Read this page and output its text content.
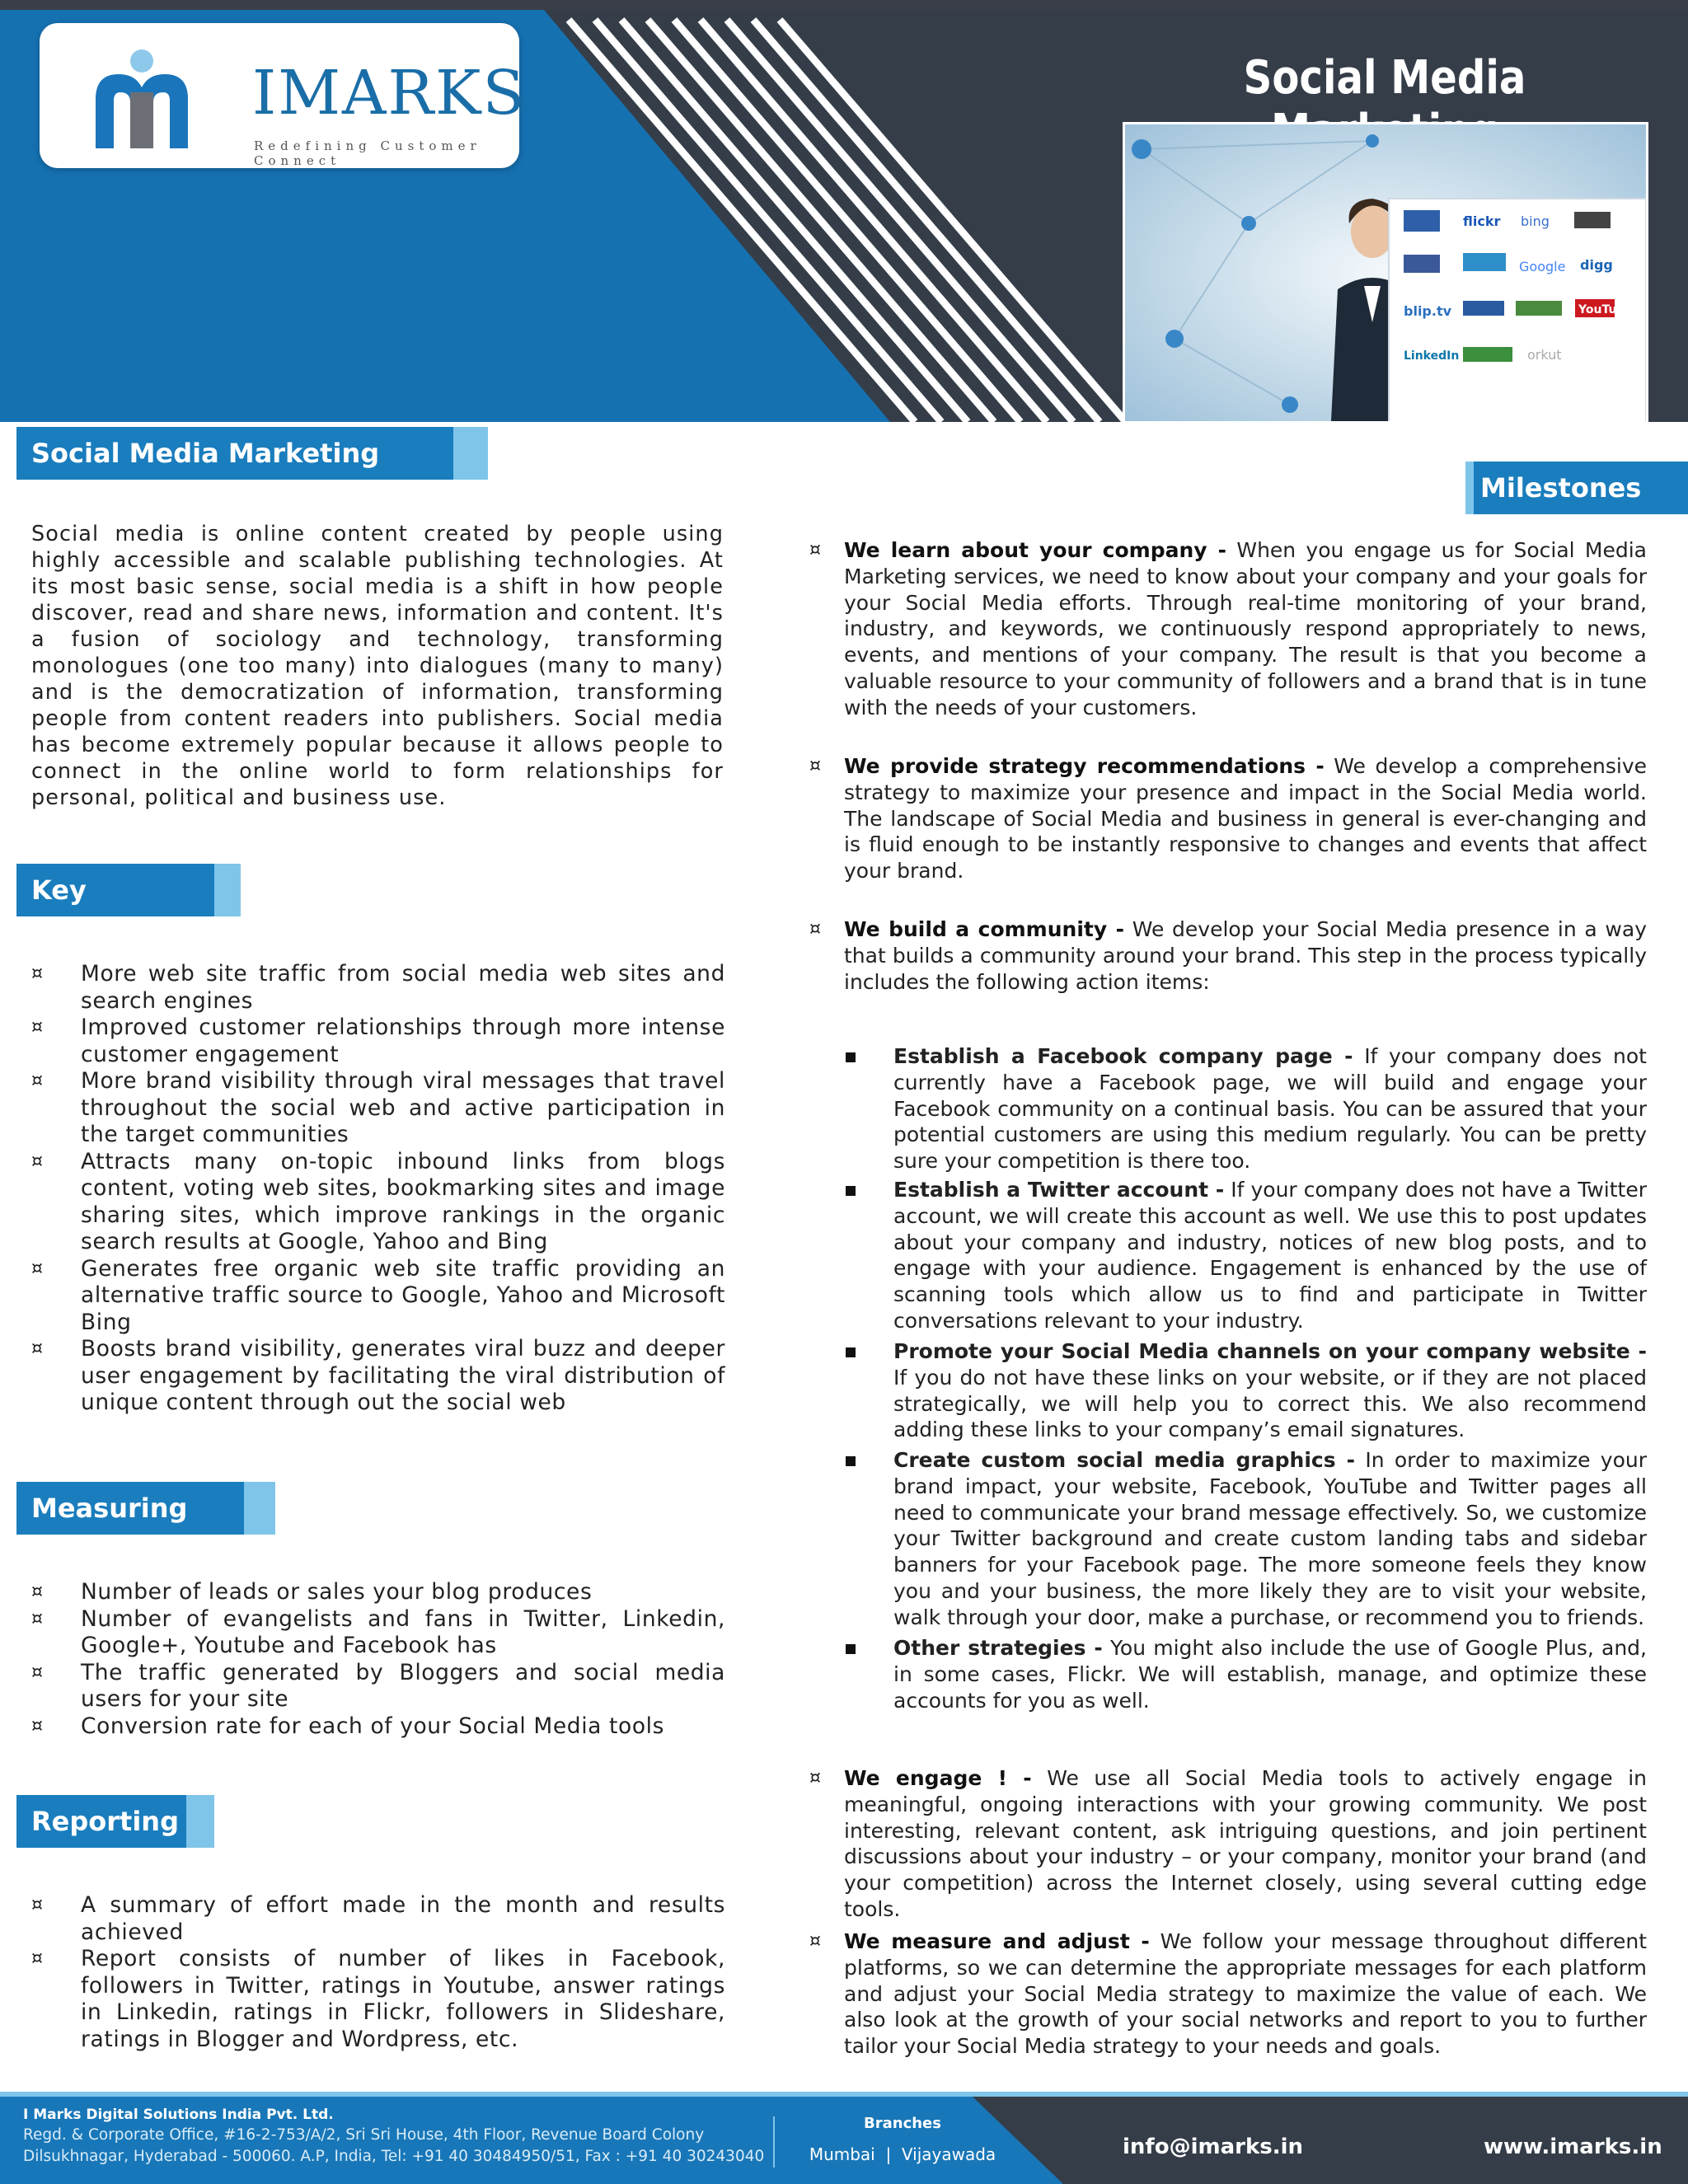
IMARKS
Redefining Customer Connect
Social Media
flickr bing
Google digg
blip.tv	YouTube
LinkedIn	orkut
Social Media Marketing (SMM)
Social media is online content created by people using highly accessible and scalable publishing technologies. At its most basic sense, social media is a shift in how people discover, read and share news, information and content. It's a fusion of sociology and technology, transforming monologues (one too many) into dialogues (many to many) and is the democratization of information, transforming people from content readers into publishers. Social media has become extremely popular because it allows people to connect in the online world to form relationships for personal, political and business use.
Key Benefits
¤ More web site traffic from social media web sites and search engines
¤ Improved customer relationships through more intense customer engagement
¤ More brand visibility through viral messages that travel throughout the social web and active participation in the target communities
¤ Attracts many on-topic inbound links from blogs content, voting web sites, bookmarking sites and image sharing sites, which improve rankings in the organic search results at Google, Yahoo and Bing
¤ Generates free organic web site traffic providing an alternative traffic source to Google, Yahoo and Microsoft Bing
¤ Boosts brand visibility, generates viral buzz and deeper user engagement by facilitating the viral distribution of unique content through out the social web
Measuring ROI
¤ Number of leads or sales your blog produces
¤ Number of evangelists and fans in Twitter, Linkedin, Google+, Youtube and Facebook has
¤ The traffic generated by Bloggers and social media users for your site
¤ Conversion rate for each of your Social Media tools
Reporting
¤ A summary of effort made in the month and results achieved
¤ Report consists of number of likes in Facebook, followers in Twitter, ratings in Youtube, answer ratings in Linkedin, ratings in Flickr, followers in Slideshare, ratings in Blogger and Wordpress, etc.
Milestones
¤ We learn about your company - When you engage us for Social Media Marketing services, we need to know about your company and your goals for your Social Media efforts. Through real-time monitoring of your brand, industry, and keywords, we continuously respond appropriately to news, events, and mentions of your company. The result is that you become a valuable resource to your community of followers and a brand that is in tune with the needs of your customers.
¤ We provide strategy recommendations - We develop a comprehensive strategy to maximize your presence and impact in the Social Media world. The landscape of Social Media and business in general is ever-changing and is fluid enough to be instantly responsive to changes and events that affect your brand.
¤ We build a community - We develop your Social Media presence in a way that builds a community around your brand. This step in the process typically includes the following action items:
Establish a Facebook company page - If your company does not currently have a Facebook page, we will build and engage your Facebook community on a continual basis. You can be assured that your potential customers are using this medium regularly. You can be pretty sure your competition is there too.
Establish a Twitter account - If your company does not have a Twitter account, we will create this account as well. We use this to post updates about your company and industry, notices of new blog posts, and to engage with your audience. Engagement is enhanced by the use of scanning tools which allow us to find and participate in Twitter conversations relevant to your industry.
Promote your Social Media channels on your company website - If you do not have these links on your website, or if they are not placed strategically, we will help you to correct this. We also recommend adding these links to your company’s email signatures.
Create custom social media graphics - In order to maximize your brand impact, your website, Facebook, YouTube and Twitter pages all need to communicate your brand message effectively. So, we customize your Twitter background and create custom landing tabs and sidebar banners for your Facebook page. The more someone feels they know you and your business, the more likely they are to visit your website, walk through your door, make a purchase, or recommend you to friends.
Other strategies - You might also include the use of Google Plus, and, in some cases, Flickr. We will establish, manage, and optimize these accounts for you as well.
¤ We engage ! - We use all Social Media tools to actively engage in meaningful, ongoing interactions with your growing community. We post interesting, relevant content, ask intriguing questions, and join pertinent discussions about your industry – or your company, monitor your brand (and your competition) across the Internet closely, using several cutting edge tools.
¤ We measure and adjust - We follow your message throughout different platforms, so we can determine the appropriate messages for each platform and adjust your Social Media strategy to maximize the value of each. We also look at the growth of your social networks and report to you to further tailor your Social Media strategy to your needs and goals.
I Marks Digital Solutions India Pvt. Ltd.
Regd. & Corporate Office, #16-2-753/A/2, Sri Sri House, 4th Floor, Revenue Board Colony
Dilsukhnagar, Hyderabad - 500060. A.P, India, Tel: +91 40 30484950/51, Fax : +91 40 30243040
Branches
Mumbai  |  Vijayawada	info@imarks.in	www.imarks.in
